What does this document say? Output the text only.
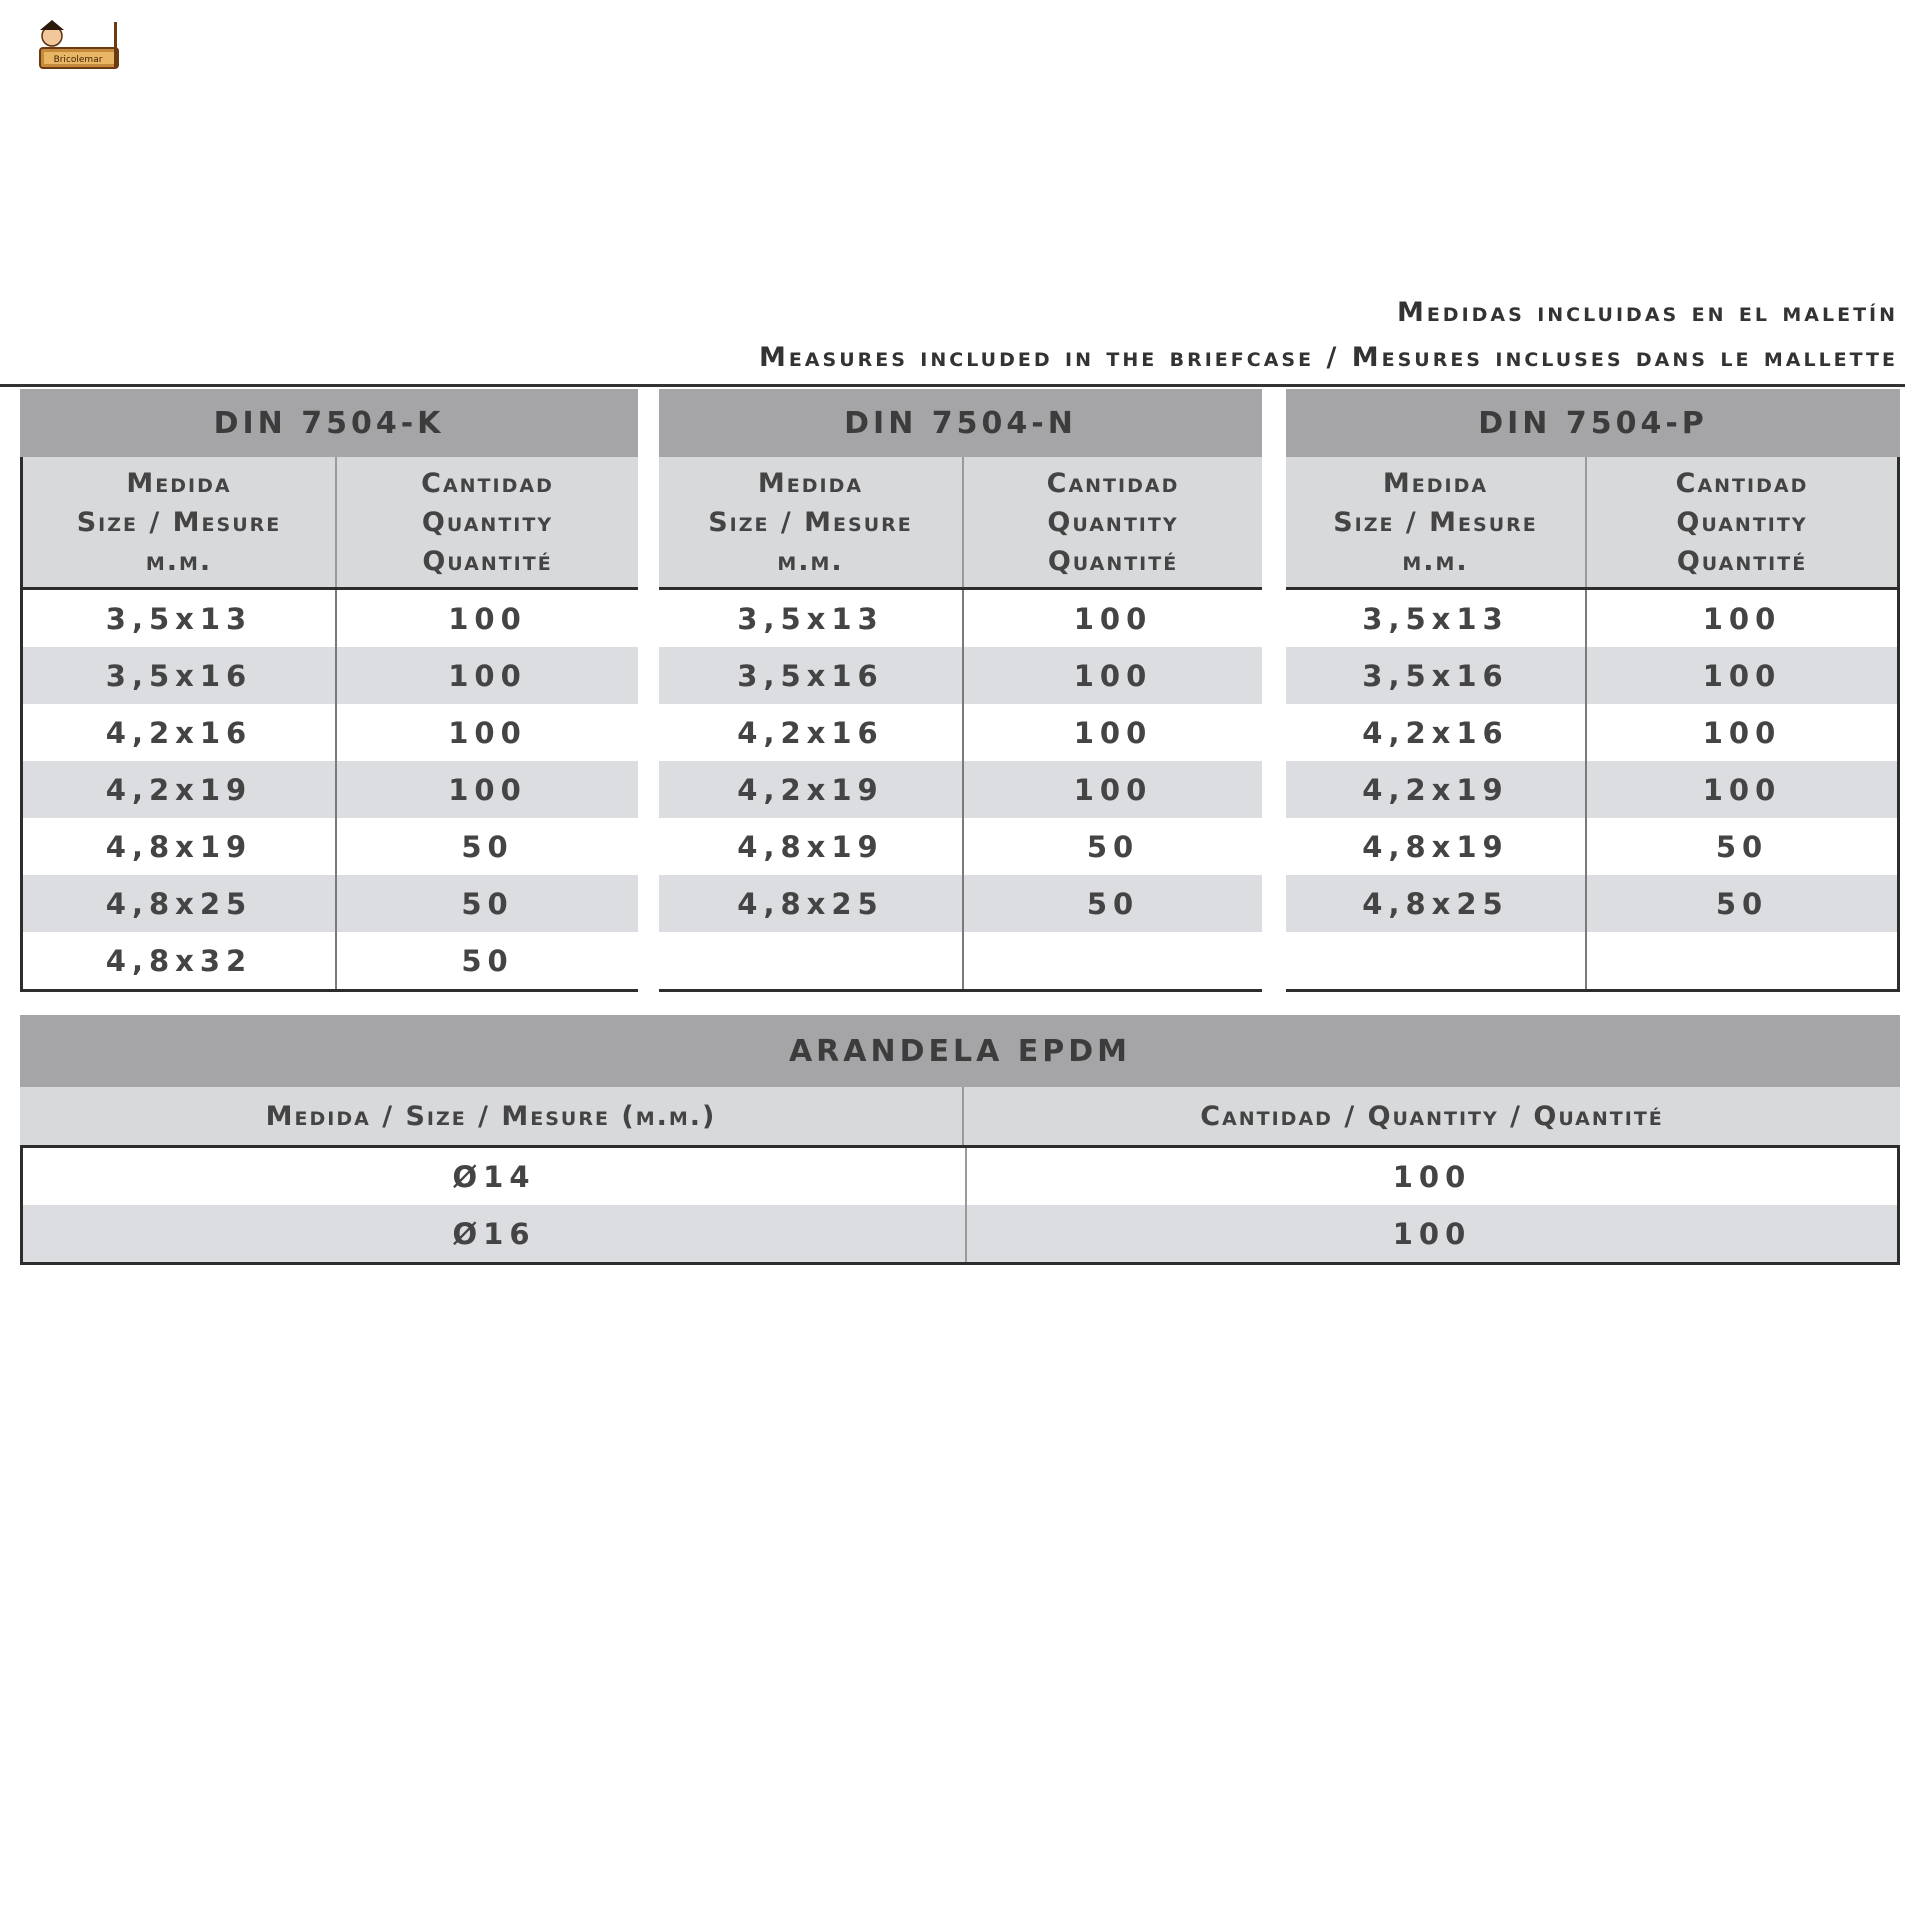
Bricolemar

Medidas incluidas en el maletín

Measures included in the briefcase / Mesures incluses dans le mallette

DIN 7504-K
Medida
Size / Mesure
m.m.
Cantidad
Quantity
Quantité
3,5x13	100
3,5x16	100
4,2x16	100
4,2x19	100
4,8x19	50
4,8x25	50
4,8x32	50
DIN 7504-N
Medida
Size / Mesure
m.m.
Cantidad
Quantity
Quantité
3,5x13	100
3,5x16	100
4,2x16	100
4,2x19	100
4,8x19	50
4,8x25	50
DIN 7504-P
Medida
Size / Mesure
m.m.
Cantidad
Quantity
Quantité
3,5x13	100
3,5x16	100
4,2x16	100
4,2x19	100
4,8x19	50
4,8x25	50
ARANDELA EPDM
Medida / Size / Mesure (m.m.)	Cantidad / Quantity / Quantité
Ø14	100
Ø16	100
